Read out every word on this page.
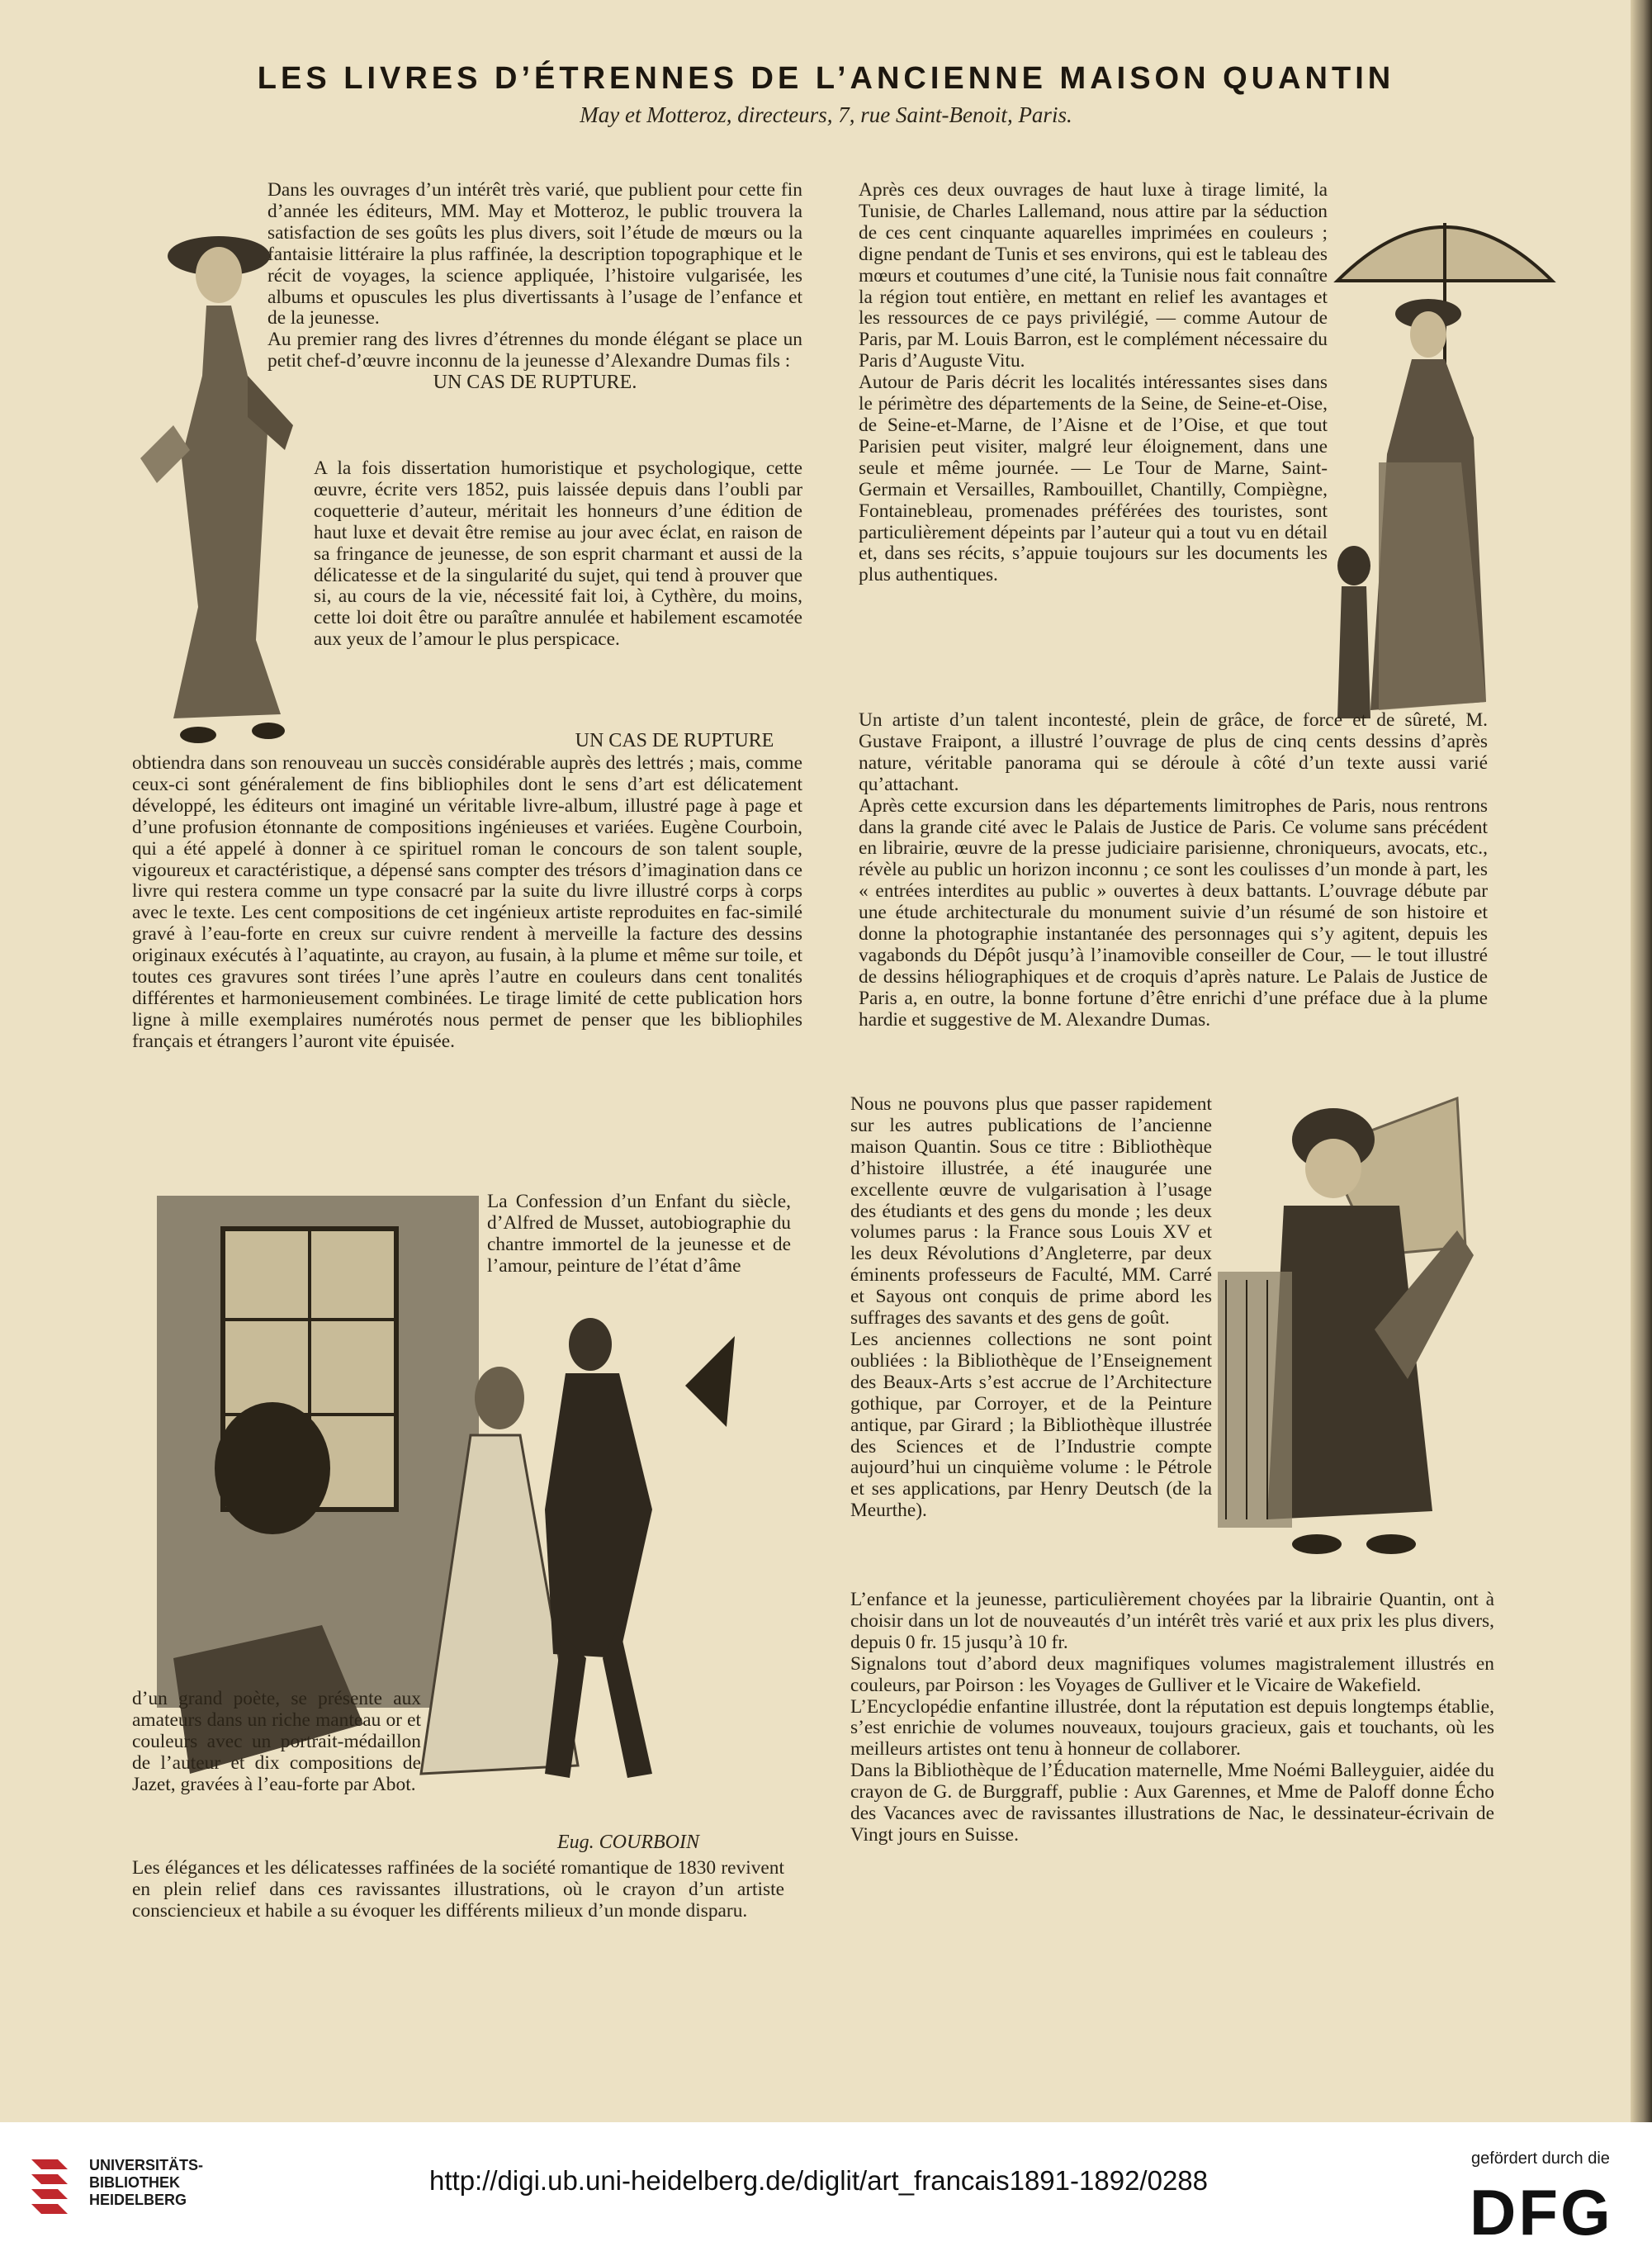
LES LIVRES D’ÉTRENNES DE L’ANCIENNE MAISON QUANTIN
May et Motteroz, directeurs, 7, rue Saint-Benoit, Paris.

Dans les ouvrages d’un intérêt très varié, que publient pour cette fin d’année les éditeurs, MM. May et Motteroz, le public trouvera la satisfaction de ses goûts les plus divers, soit l’étude de mœurs ou la fantaisie littéraire la plus raffinée, la description topographique et le récit de voyages, la science appliquée, l’histoire vulgarisée, les albums et opuscules les plus divertissants à l’usage de l’enfance et de la jeunesse.

Au premier rang des livres d’étrennes du monde élégant se place un petit chef-d’œuvre inconnu de la jeunesse d’Alexandre Dumas fils :

UN CAS DE RUPTURE.

A la fois dissertation humoristique et psychologique, cette œuvre, écrite vers 1852, puis laissée depuis dans l’oubli par coquetterie d’auteur, méritait les honneurs d’une édition de haut luxe et devait être remise au jour avec éclat, en raison de sa fringance de jeunesse, de son esprit charmant et aussi de la délicatesse et de la singularité du sujet, qui tend à prouver que si, au cours de la vie, nécessité fait loi, à Cythère, du moins, cette loi doit être ou paraître annulée et habilement escamotée aux yeux de l’amour le plus perspicace.

UN CAS DE RUPTURE

obtiendra dans son renouveau un succès considérable auprès des lettrés ; mais, comme ceux-ci sont généralement de fins bibliophiles dont le sens d’art est délicatement développé, les éditeurs ont imaginé un véritable livre-album, illustré page à page et d’une profusion étonnante de compositions ingénieuses et variées. Eugène Courboin, qui a été appelé à donner à ce spirituel roman le concours de son talent souple, vigoureux et caractéristique, a dépensé sans compter des trésors d’imagination dans ce livre qui restera comme un type consacré par la suite du livre illustré corps à corps avec le texte. Les cent compositions de cet ingénieux artiste reproduites en fac-similé gravé à l’eau-forte en creux sur cuivre rendent à merveille la facture des dessins originaux exécutés à l’aquatinte, au crayon, au fusain, à la plume et même sur toile, et toutes ces gravures sont tirées l’une après l’autre en couleurs dans cent tonalités différentes et harmonieusement combinées. Le tirage limité de cette publication hors ligne à mille exemplaires numérotés nous permet de penser que les bibliophiles français et étrangers l’auront vite épuisée.

La Confession d’un Enfant du siècle, d’Alfred de Musset, autobiographie du chantre immortel de la jeunesse et de l’amour, peinture de l’état d’âme

Eug. COURBOIN

d’un grand poète, se présente aux amateurs dans un riche manteau or et couleurs avec un portrait-médaillon de l’auteur et dix compositions de Jazet, gravées à l’eau-forte par Abot.

Les élégances et les délicatesses raffinées de la société romantique de 1830 revivent en plein relief dans ces ravissantes illustrations, où le crayon d’un artiste consciencieux et habile a su évoquer les différents milieux d’un monde disparu.

Après ces deux ouvrages de haut luxe à tirage limité, la Tunisie, de Charles Lallemand, nous attire par la séduction de ces cent cinquante aquarelles imprimées en couleurs ; digne pendant de Tunis et ses environs, qui est le tableau des mœurs et coutumes d’une cité, la Tunisie nous fait connaître la région tout entière, en mettant en relief les avantages et les ressources de ce pays privilégié, — comme Autour de Paris, par M. Louis Barron, est le complément nécessaire du Paris d’Auguste Vitu.

Autour de Paris décrit les localités intéressantes sises dans le périmètre des départements de la Seine, de Seine-et-Oise, de Seine-et-Marne, de l’Aisne et de l’Oise, et que tout Parisien peut visiter, malgré leur éloignement, dans une seule et même journée. — Le Tour de Marne, Saint-Germain et Versailles, Rambouillet, Chantilly, Compiègne, Fontainebleau, promenades préférées des touristes, sont particulièrement dépeints par l’auteur qui a tout vu en détail et, dans ses récits, s’appuie toujours sur les documents les plus authentiques.

Un artiste d’un talent incontesté, plein de grâce, de force et de sûreté, M. Gustave Fraipont, a illustré l’ouvrage de plus de cinq cents dessins d’après nature, véritable panorama qui se déroule à côté d’un texte aussi varié qu’attachant.

Après cette excursion dans les départements limitrophes de Paris, nous rentrons dans la grande cité avec le Palais de Justice de Paris. Ce volume sans précédent en librairie, œuvre de la presse judiciaire parisienne, chroniqueurs, avocats, etc., révèle au public un horizon inconnu ; ce sont les coulisses d’un monde à part, les « entrées interdites au public » ouvertes à deux battants. L’ouvrage débute par une étude architecturale du monument suivie d’un résumé de son histoire et donne la photographie instantanée des personnages qui s’y agitent, depuis les vagabonds du Dépôt jusqu’à l’inamovible conseiller de Cour, — le tout illustré de dessins héliographiques et de croquis d’après nature. Le Palais de Justice de Paris a, en outre, la bonne fortune d’être enrichi d’une préface due à la plume hardie et suggestive de M. Alexandre Dumas.

Nous ne pouvons plus que passer rapidement sur les autres publications de l’ancienne maison Quantin. Sous ce titre : Bibliothèque d’histoire illustrée, a été inaugurée une excellente œuvre de vulgarisation à l’usage des étudiants et des gens du monde ; les deux volumes parus : la France sous Louis XV et les deux Révolutions d’Angleterre, par deux éminents professeurs de Faculté, MM. Carré et Sayous ont conquis de prime abord les suffrages des savants et des gens de goût.

Les anciennes collections ne sont point oubliées : la Bibliothèque de l’Enseignement des Beaux-Arts s’est accrue de l’Architecture gothique, par Corroyer, et de la Peinture antique, par Girard ; la Bibliothèque illustrée des Sciences et de l’Industrie compte aujourd’hui un cinquième volume : le Pétrole et ses applications, par Henry Deutsch (de la Meurthe).

L’enfance et la jeunesse, particulièrement choyées par la librairie Quantin, ont à choisir dans un lot de nouveautés d’un intérêt très varié et aux prix les plus divers, depuis 0 fr. 15 jusqu’à 10 fr.

Signalons tout d’abord deux magnifiques volumes magistralement illustrés en couleurs, par Poirson : les Voyages de Gulliver et le Vicaire de Wakefield.

L’Encyclopédie enfantine illustrée, dont la réputation est depuis longtemps établie, s’est enrichie de volumes nouveaux, toujours gracieux, gais et touchants, où les meilleurs artistes ont tenu à honneur de collaborer.

Dans la Bibliothèque de l’Éducation maternelle, Mme Noémi Balleyguier, aidée du crayon de G. de Burggraff, publie : Aux Garennes, et Mme de Paloff donne Écho des Vacances avec de ravissantes illustrations de Nac, le dessinateur-écrivain de Vingt jours en Suisse.

UNIVERSITÄTS-
BIBLIOTHEK
HEIDELBERG
http://digi.ub.uni-heidelberg.de/diglit/art_francais1891-1892/0288
gefördert durch die
DFG
